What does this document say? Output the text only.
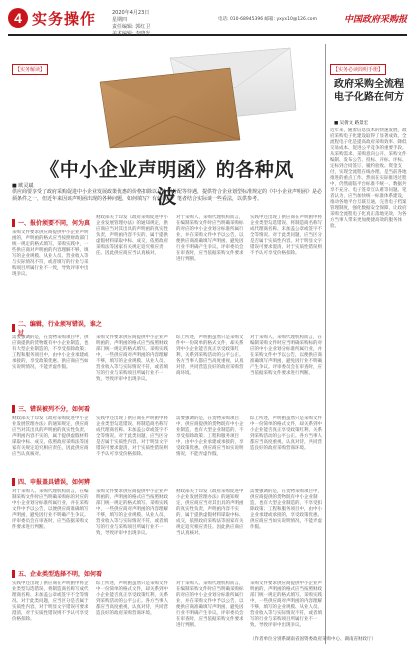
4 实务操作	2020年4月23日
星期四
责任编辑: 郭红卫
美术编辑: 李晓光
电话: 010-68945396 邮箱: yxyx10@126.com	中国政府采购报
【实务解读】
《中小企业声明函》的各种风波
■ 欧灵斌
供应商要享受了政府采购促进中小企业发展政策优惠的价格扣除以及合同分配等待遇，提供符合企业划型标准规定的《中小企业声明函》是必须条件之一，但近年来因该声明函出现的各种问题，如何填写？有何风险？笔者结合实际谈一些看法，以供参考。
一、报价须要不同，何为真
采购文件要求供应商提供中小企业声明函的，声明函的格式应当按照财政部门统一规定的格式填写。采购实践中，一些供应商对声明函的内容理解不够，填写的企业规模、从业人员、营业收入等与实际情况不符，或者填写的行业与采购项目所属行业不一致，导致评审中出现争议。
财政部关于印发《政府采购促进中小企业发展管理办法》的通知规定，供应商应当对其出具的声明函的真实性负责，声明函内容不实的，属于提供虚假材料谋取中标、成交，依照政府采购法等国家有关规定追究相应责任。因此供应商应当认真核对。
对于采购人、采购代理机构而言，在编制采购文件时应当明确采购标的对应的中小企业划分标准所属行业，并在采购文件中予以公告，以便供应商准确填写声明函，避免因行业不明确产生争议。评审委员会在审查时，应当依据采购文件要求进行判断。
实践中还出现了供应商在声明函中将企业类型勾选错误、将制造商名称写成代理商名称、未加盖公章或签字不全等情况。对于此类问题，应当区分是否属于实质性内容，对于明显文字错误可要求澄清，对于实质性错误则不予认可享受价格扣除。
二、编辑，行业须写错误，谁之过
需要强调的是，在货物采购项目中，供应商提供的货物既有中小企业制造，也有大型企业制造的，不享受扣除政策；工程和服务项目中，由中小企业承建或承接的，享受政策优惠。供应商应当如实说明情况，不能弄虚作假。
采购文件要求供应商提供中小企业声明函的，声明函的格式应当按照财政部门统一规定的格式填写。采购实践中，一些供应商对声明函的内容理解不够，填写的企业规模、从业人员、营业收入等与实际情况不符，或者填写的行业与采购项目所属行业不一致，导致评审中出现争议。
综上所述，声明函虽然只是采购文件中一份简单的格式文件，却关系到中小企业能否真正享受政策红利，关系到采购活动的公平公正。各方当事人都应当高度重视，认真对待，共同营造良好的政府采购营商环境。
对于采购人、采购代理机构而言，在编制采购文件时应当明确采购标的对应的中小企业划分标准所属行业，并在采购文件中予以公告，以便供应商准确填写声明函，避免因行业不明确产生争议。评审委员会在审查时，应当依据采购文件要求进行判断。
三、错误被列不分，如何看
财政部关于印发《政府采购促进中小企业发展管理办法》的通知规定，供应商应当对其出具的声明函的真实性负责，声明函内容不实的，属于提供虚假材料谋取中标、成交，依照政府采购法等国家有关规定追究相应责任。因此供应商应当认真核对。
实践中还出现了供应商在声明函中将企业类型勾选错误、将制造商名称写成代理商名称、未加盖公章或签字不全等情况。对于此类问题，应当区分是否属于实质性内容，对于明显文字错误可要求澄清，对于实质性错误则不予认可享受价格扣除。
需要强调的是，在货物采购项目中，供应商提供的货物既有中小企业制造，也有大型企业制造的，不享受扣除政策；工程和服务项目中，由中小企业承建或承接的，享受政策优惠。供应商应当如实说明情况，不能弄虚作假。
综上所述，声明函虽然只是采购文件中一份简单的格式文件，却关系到中小企业能否真正享受政策红利，关系到采购活动的公平公正。各方当事人都应当高度重视，认真对待，共同营造良好的政府采购营商环境。
四、申报盖具错误，如何辨
对于采购人、采购代理机构而言，在编制采购文件时应当明确采购标的对应的中小企业划分标准所属行业，并在采购文件中予以公告，以便供应商准确填写声明函，避免因行业不明确产生争议。评审委员会在审查时，应当依据采购文件要求进行判断。
采购文件要求供应商提供中小企业声明函的，声明函的格式应当按照财政部门统一规定的格式填写。采购实践中，一些供应商对声明函的内容理解不够，填写的企业规模、从业人员、营业收入等与实际情况不符，或者填写的行业与采购项目所属行业不一致，导致评审中出现争议。
财政部关于印发《政府采购促进中小企业发展管理办法》的通知规定，供应商应当对其出具的声明函的真实性负责，声明函内容不实的，属于提供虚假材料谋取中标、成交，依照政府采购法等国家有关规定追究相应责任。因此供应商应当认真核对。
需要强调的是，在货物采购项目中，供应商提供的货物既有中小企业制造，也有大型企业制造的，不享受扣除政策；工程和服务项目中，由中小企业承建或承接的，享受政策优惠。供应商应当如实说明情况，不能弄虚作假。
五、企业类型选择不明，如何看
实践中还出现了供应商在声明函中将企业类型勾选错误、将制造商名称写成代理商名称、未加盖公章或签字不全等情况。对于此类问题，应当区分是否属于实质性内容，对于明显文字错误可要求澄清，对于实质性错误则不予认可享受价格扣除。
综上所述，声明函虽然只是采购文件中一份简单的格式文件，却关系到中小企业能否真正享受政策红利，关系到采购活动的公平公正。各方当事人都应当高度重视，认真对待，共同营造良好的政府采购营商环境。
对于采购人、采购代理机构而言，在编制采购文件时应当明确采购标的对应的中小企业划分标准所属行业，并在采购文件中予以公告，以便供应商准确填写声明函，避免因行业不明确产生争议。评审委员会在审查时，应当依据采购文件要求进行判断。
采购文件要求供应商提供中小企业声明函的，声明函的格式应当按照财政部门统一规定的格式填写。采购实践中，一些供应商对声明函的内容理解不够，填写的企业规模、从业人员、营业收入等与实际情况不符，或者填写的行业与采购项目所属行业不一致，导致评审中出现争议。
【实务必读简明手册】
政府采购全流程电子化路在何方
■ 吴倩文 路景宏
近年来，随着信息技术的快速发展，政府采购电子化建设取得了显著成效。全流程电子化是提高政府采购效率、降低交易成本、促进公平竞争的重要手段。从采购需求、采购意向公开、采购文件编制、发布公告、投标、开标、评标、定标到合同签订、履约验收、资金支付，实现全流程在线办理，是当前各地推进的重点工作。然而在实际推进过程中，仍然面临平台标准不统一、数据共享不充分、电子签章互认难等问题。笔者认为，应当加快统一标准体系建设，推动各地平台互联互通，完善电子档案管理制度，强化数据安全保障，让政府采购全流程电子化真正落地见效，为各方当事人带来更加便捷高效的服务体验。
（作者单位分别系湖南省国资委政府采购中心、湖南省财政厅）
